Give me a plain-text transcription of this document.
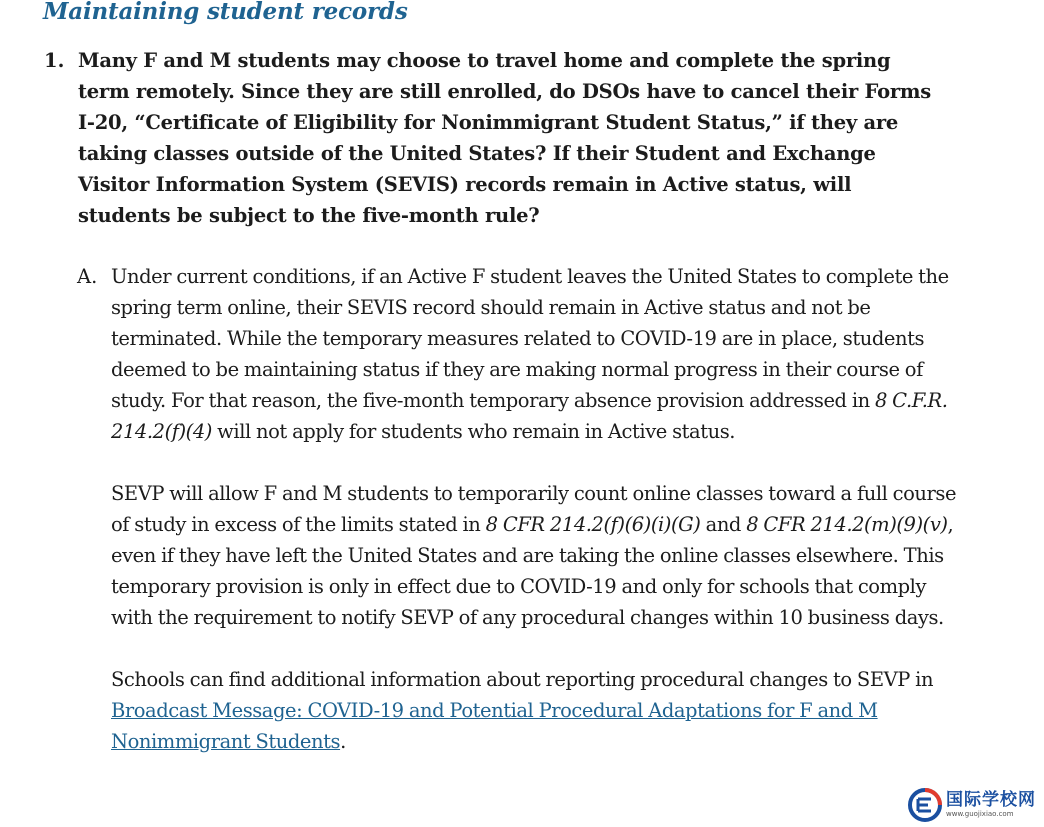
Maintaining student records
1. Many F and M students may choose to travel home and complete the spring term remotely. Since they are still enrolled, do DSOs have to cancel their Forms I-20, “Certificate of Eligibility for Nonimmigrant Student Status,” if they are taking classes outside of the United States? If their Student and Exchange Visitor Information System (SEVIS) records remain in Active status, will students be subject to the five-month rule?
A. Under current conditions, if an Active F student leaves the United States to complete the spring term online, their SEVIS record should remain in Active status and not be terminated. While the temporary measures related to COVID-19 are in place, students deemed to be maintaining status if they are making normal progress in their course of study. For that reason, the five-month temporary absence provision addressed in 8 C.F.R. 214.2(f)(4) will not apply for students who remain in Active status.

SEVP will allow F and M students to temporarily count online classes toward a full course of study in excess of the limits stated in 8 CFR 214.2(f)(6)(i)(G) and 8 CFR 214.2(m)(9)(v), even if they have left the United States and are taking the online classes elsewhere. This temporary provision is only in effect due to COVID-19 and only for schools that comply with the requirement to notify SEVP of any procedural changes within 10 business days.

Schools can find additional information about reporting procedural changes to SEVP in Broadcast Message: COVID-19 and Potential Procedural Adaptations for F and M Nonimmigrant Students.

国际学校网
www.guojixiao.com
